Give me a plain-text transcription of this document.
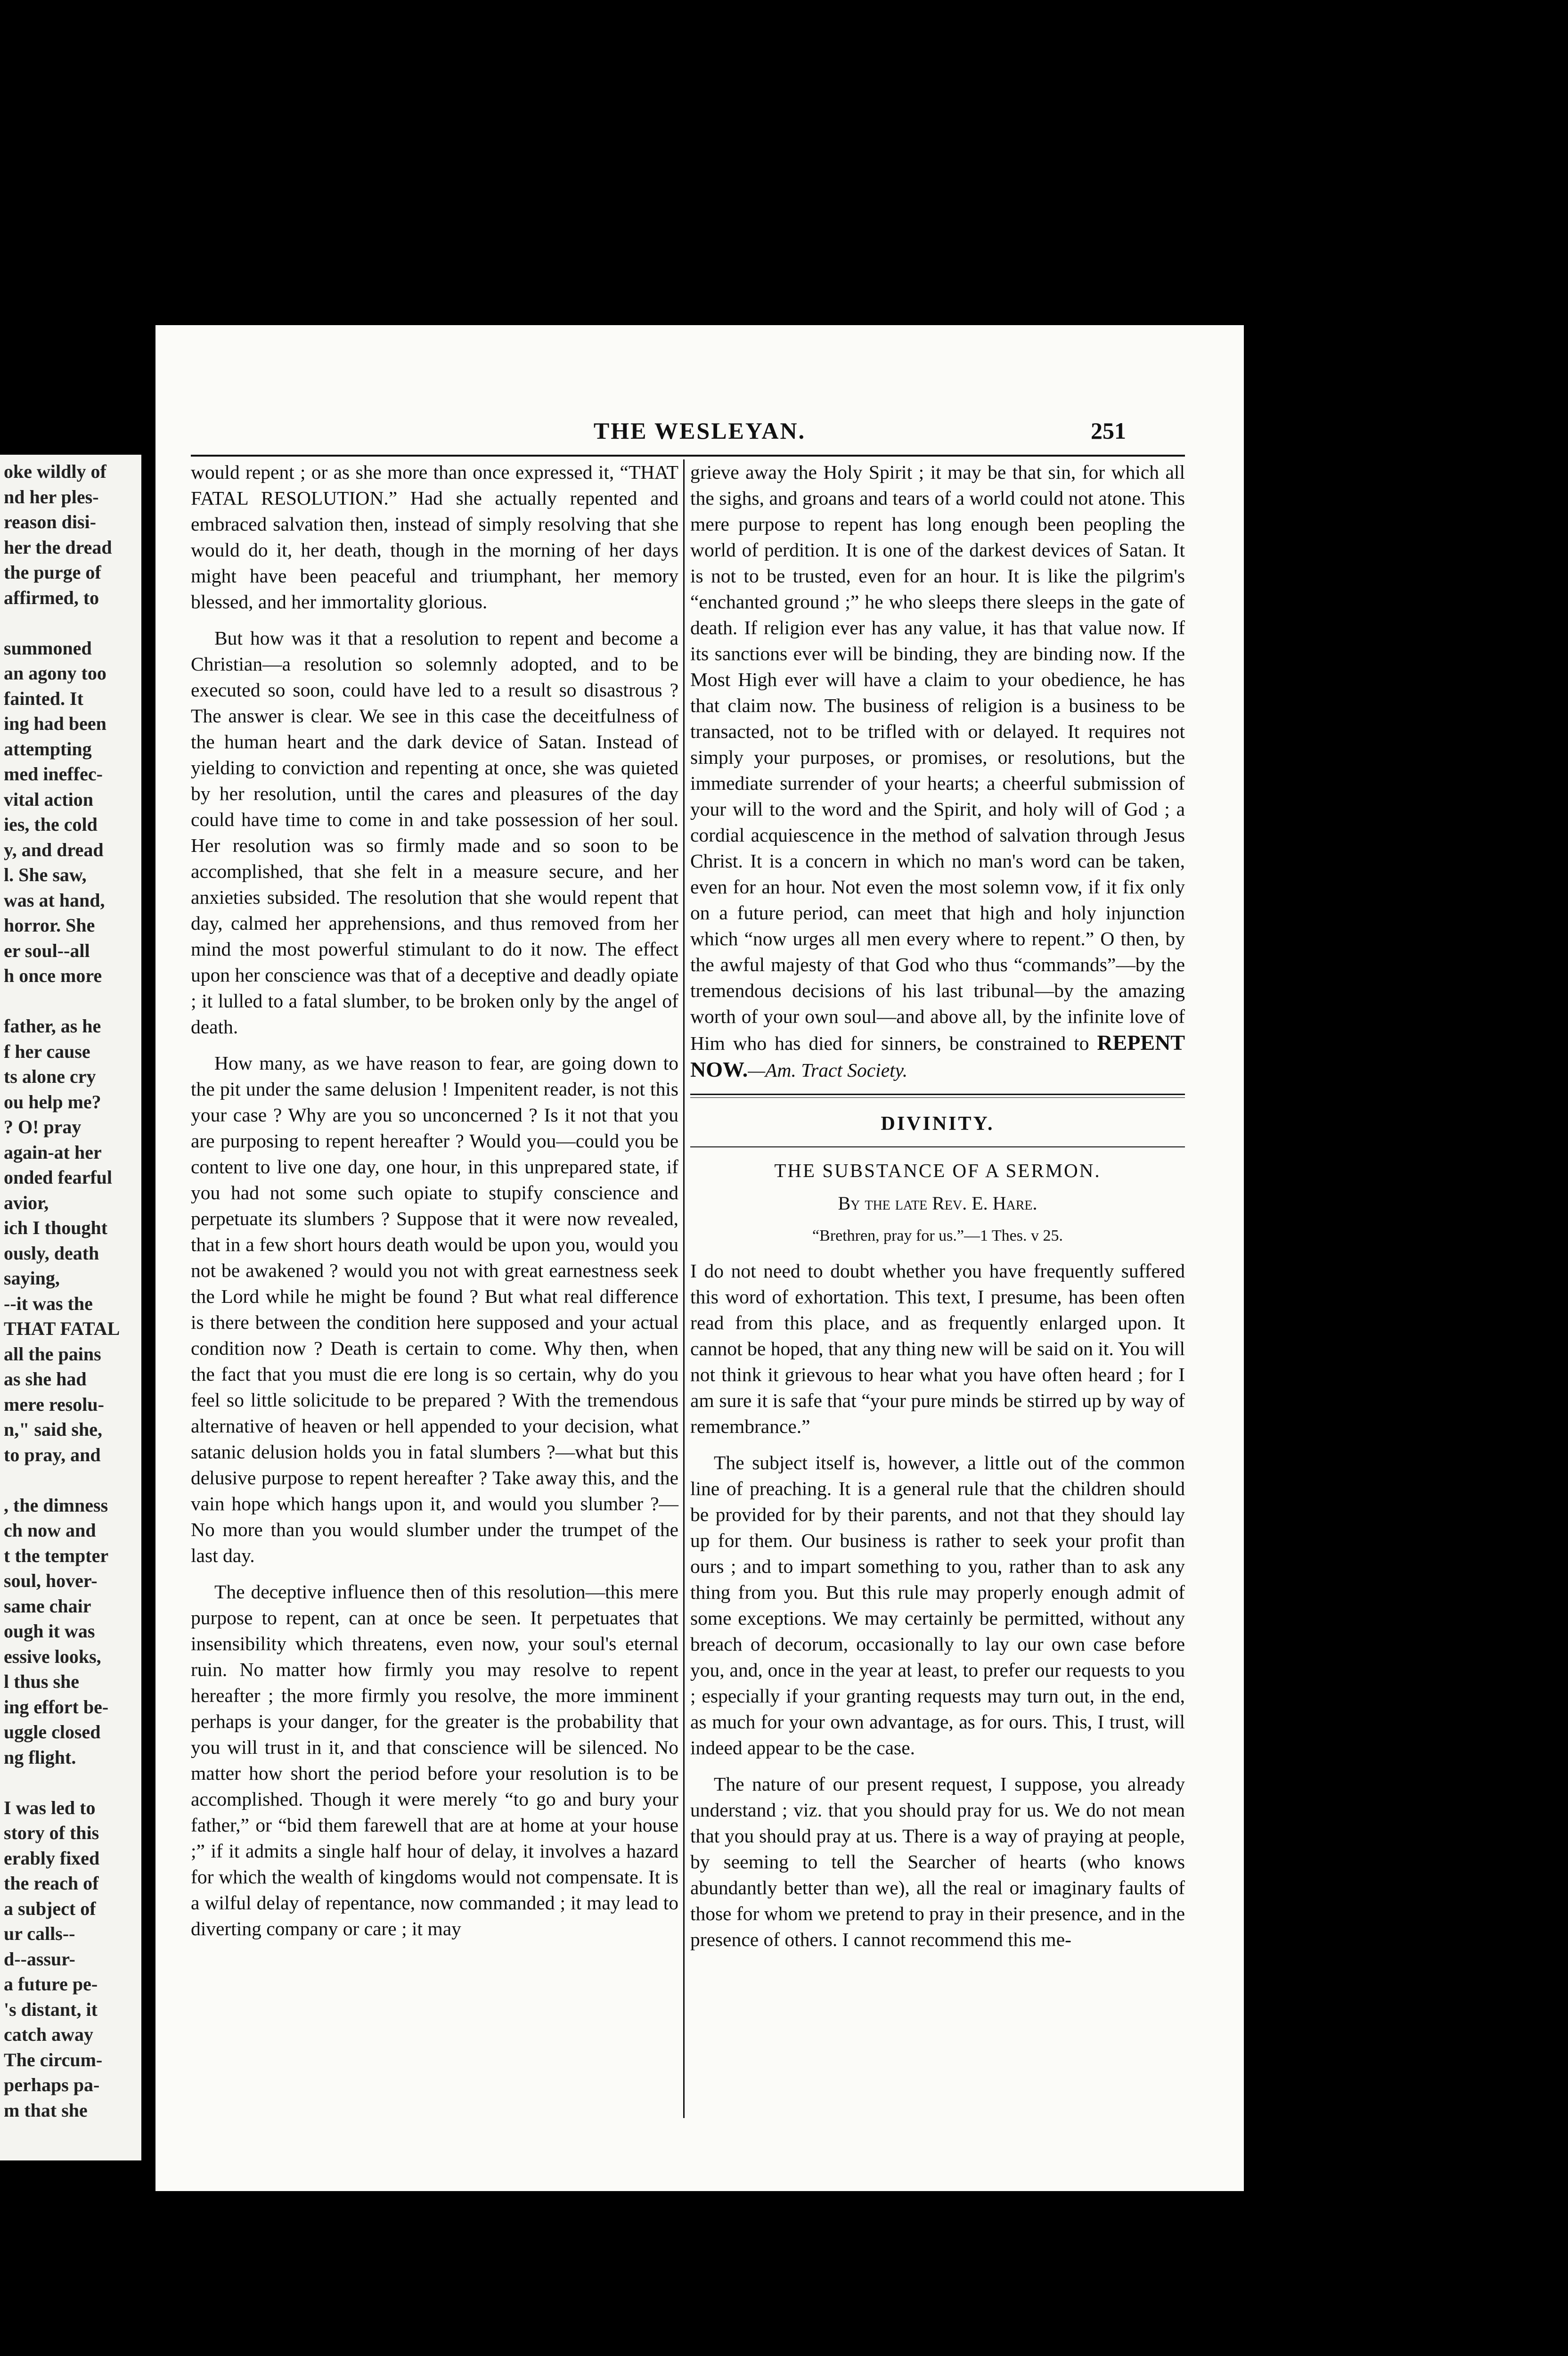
oke wildly of
nd her ples-
reason disi-
her the dread
the purge of
affirmed, to
summoned
an agony too
fainted. It
ing had been
attempting
med ineffec-
vital action
ies, the cold
y, and dread
l. She saw,
was at hand,
horror. She
er soul--all
h once more
father, as he
f her cause
ts alone cry
ou help me?
? O! pray
again-at her
onded fearful
avior,
ich I thought
ously, death
saying,
--it was the
THAT FATAL
all the pains
as she had
mere resolu-
n," said she,
to pray, and
, the dimness
ch now and
t the tempter
soul, hover-
same chair
ough it was
essive looks,
l thus she
ing effort be-
uggle closed
ng flight.
I was led to
story of this
erably fixed
the reach of
a subject of
ur calls--
d--assur-
a future pe-
's distant, it
catch away
The circum-
perhaps pa-
m that she
THE WESLEYAN.	251

would repent ; or as she more than once expressed it, “THAT FATAL RESOLUTION.” Had she actually repented and embraced salvation then, instead of simply resolving that she would do it, her death, though in the morning of her days might have been peaceful and triumphant, her memory blessed, and her immortality glorious.

But how was it that a resolution to repent and become a Christian—a resolution so solemnly adopted, and to be executed so soon, could have led to a result so disastrous ? The answer is clear. We see in this case the deceitfulness of the human heart and the dark device of Satan. Instead of yielding to conviction and repenting at once, she was quieted by her resolution, until the cares and pleasures of the day could have time to come in and take possession of her soul. Her resolution was so firmly made and so soon to be accomplished, that she felt in a measure secure, and her anxieties subsided. The resolution that she would repent that day, calmed her apprehensions, and thus removed from her mind the most powerful stimulant to do it now. The effect upon her conscience was that of a deceptive and deadly opiate ; it lulled to a fatal slumber, to be broken only by the angel of death.

How many, as we have reason to fear, are going down to the pit under the same delusion ! Impenitent reader, is not this your case ? Why are you so unconcerned ? Is it not that you are purposing to repent hereafter ? Would you—could you be content to live one day, one hour, in this unprepared state, if you had not some such opiate to stupify conscience and perpetuate its slumbers ? Suppose that it were now revealed, that in a few short hours death would be upon you, would you not be awakened ? would you not with great earnestness seek the Lord while he might be found ? But what real difference is there between the condition here supposed and your actual condition now ? Death is certain to come. Why then, when the fact that you must die ere long is so certain, why do you feel so little solicitude to be prepared ? With the tremendous alternative of heaven or hell appended to your decision, what satanic delusion holds you in fatal slumbers ?—what but this delusive purpose to repent hereafter ? Take away this, and the vain hope which hangs upon it, and would you slumber ?—No more than you would slumber under the trumpet of the last day.

The deceptive influence then of this resolution—this mere purpose to repent, can at once be seen. It perpetuates that insensibility which threatens, even now, your soul's eternal ruin. No matter how firmly you may resolve to repent hereafter ; the more firmly you resolve, the more imminent perhaps is your danger, for the greater is the probability that you will trust in it, and that conscience will be silenced. No matter how short the period before your resolution is to be accomplished. Though it were merely “to go and bury your father,” or “bid them farewell that are at home at your house ;” if it admits a single half hour of delay, it involves a hazard for which the wealth of kingdoms would not compensate. It is a wilful delay of repentance, now commanded ; it may lead to diverting company or care ; it may

grieve away the Holy Spirit ; it may be that sin, for which all the sighs, and groans and tears of a world could not atone. This mere purpose to repent has long enough been peopling the world of perdition. It is one of the darkest devices of Satan. It is not to be trusted, even for an hour. It is like the pilgrim's “enchanted ground ;” he who sleeps there sleeps in the gate of death. If religion ever has any value, it has that value now. If its sanctions ever will be binding, they are binding now. If the Most High ever will have a claim to your obedience, he has that claim now. The business of religion is a business to be transacted, not to be trifled with or delayed. It requires not simply your purposes, or promises, or resolutions, but the immediate surrender of your hearts; a cheerful submission of your will to the word and the Spirit, and holy will of God ; a cordial acquiescence in the method of salvation through Jesus Christ. It is a concern in which no man's word can be taken, even for an hour. Not even the most solemn vow, if it fix only on a future period, can meet that high and holy injunction which “now urges all men every where to repent.” O then, by the awful majesty of that God who thus “commands”—by the tremendous decisions of his last tribunal—by the amazing worth of your own soul—and above all, by the infinite love of Him who has died for sinners, be constrained to REPENT NOW.—Am. Tract Society.

DIVINITY.
THE SUBSTANCE OF A SERMON.
By the late Rev. E. Hare.
“Brethren, pray for us.”—1 Thes. v 25.

I do not need to doubt whether you have frequently suffered this word of exhortation. This text, I presume, has been often read from this place, and as frequently enlarged upon. It cannot be hoped, that any thing new will be said on it. You will not think it grievous to hear what you have often heard ; for I am sure it is safe that “your pure minds be stirred up by way of remembrance.”

The subject itself is, however, a little out of the common line of preaching. It is a general rule that the children should be provided for by their parents, and not that they should lay up for them. Our business is rather to seek your profit than ours ; and to impart something to you, rather than to ask any thing from you. But this rule may properly enough admit of some exceptions. We may certainly be permitted, without any breach of decorum, occasionally to lay our own case before you, and, once in the year at least, to prefer our requests to you ; especially if your granting requests may turn out, in the end, as much for your own advantage, as for ours. This, I trust, will indeed appear to be the case.

The nature of our present request, I suppose, you already understand ; viz. that you should pray for us. We do not mean that you should pray at us. There is a way of praying at people, by seeming to tell the Searcher of hearts (who knows abundantly better than we), all the real or imaginary faults of those for whom we pretend to pray in their presence, and in the presence of others. I cannot recommend this me-
